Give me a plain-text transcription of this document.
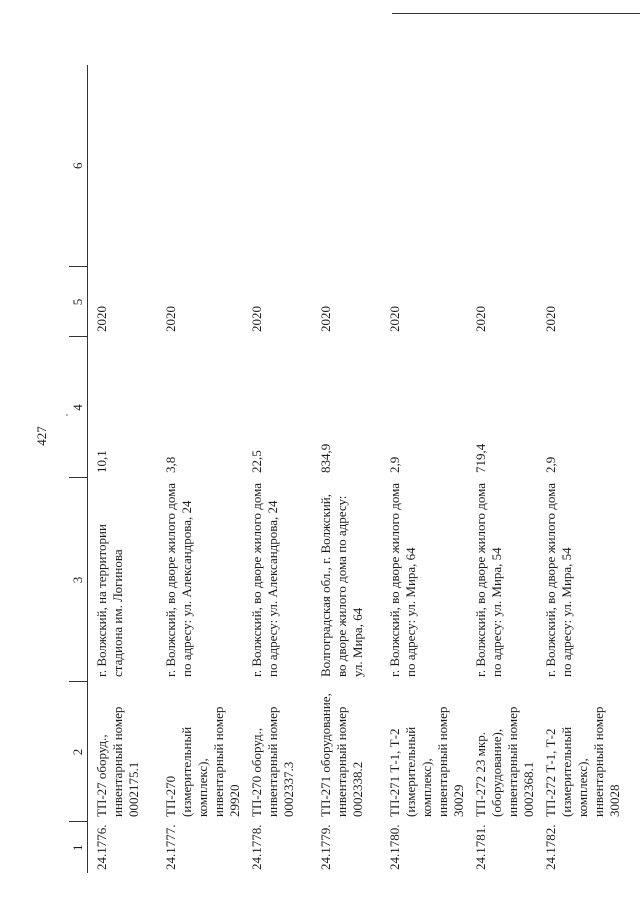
427
1	2	3	4	5	6
24.1776.	ТП-27 оборуд., инвентарный номер 0002175.1	г. Волжский, на территории стадиона им. Логинова	10,1	2020	
24.1777.	ТП-270 (измерительный комплекс), инвентарный номер 29920	г. Волжский, во дворе жилого дома по адресу: ул. Александрова, 24	3,8	2020	
24.1778.	ТП-270 оборуд., инвентарный номер 0002337.3	г. Волжский, во дворе жилого дома по адресу: ул. Александрова, 24	22,5	2020	
24.1779.	ТП-271 оборудование, инвентарный номер 0002338.2	Волгоградская обл., г. Волжский, во дворе жилого дома по адресу: ул. Мира, 64	834,9	2020	
24.1780.	ТП-271 Т-1, Т-2 (измерительный комплекс), инвентарный номер 30029	г. Волжский, во дворе жилого дома по адресу: ул. Мира, 64	2,9	2020	
24.1781.	ТП-272 23 мкр. (оборудование), инвентарный номер 0002368.1	г. Волжский, во дворе жилого дома по адресу: ул. Мира, 54	719,4	2020	
24.1782.	ТП-272 Т-1, Т-2 (измерительный комплекс), инвентарный номер 30028	г. Волжский, во дворе жилого дома по адресу: ул. Мира, 54	2,9	2020	
